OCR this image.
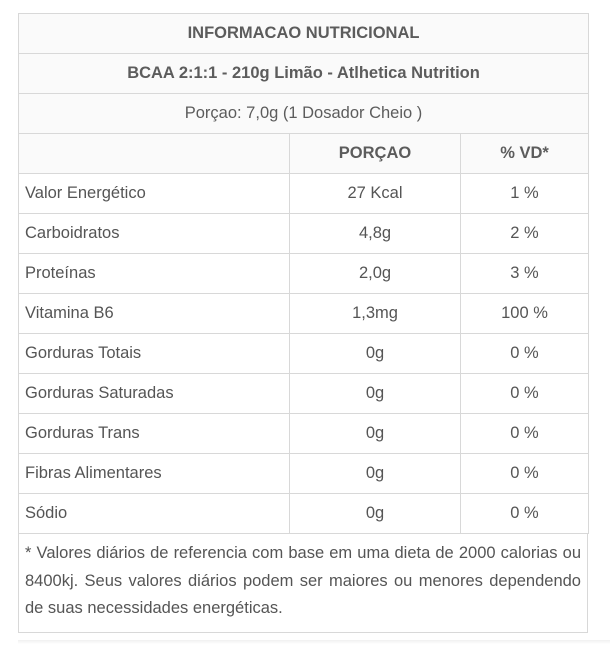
INFORMACAO NUTRICIONAL		
BCAA 2:1:1 - 210g Limão - Atlhetica Nutrition		
Porçao: 7,0g (1 Dosador Cheio )		
	PORÇAO	% VD*
Valor Energético	27 Kcal	1 %
Carboidratos	4,8g	2 %
Proteínas	2,0g	3 %
Vitamina B6	1,3mg	100 %
Gorduras Totais	0g	0 %
Gorduras Saturadas	0g	0 %
Gorduras Trans	0g	0 %
Fibras Alimentares	0g	0 %
Sódio	0g	0 %
* Valores diários de referencia com base em uma dieta de 2000 calorias ou 8400kj. Seus valores diários podem ser maiores ou menores dependendo de suas necessidades energéticas.
